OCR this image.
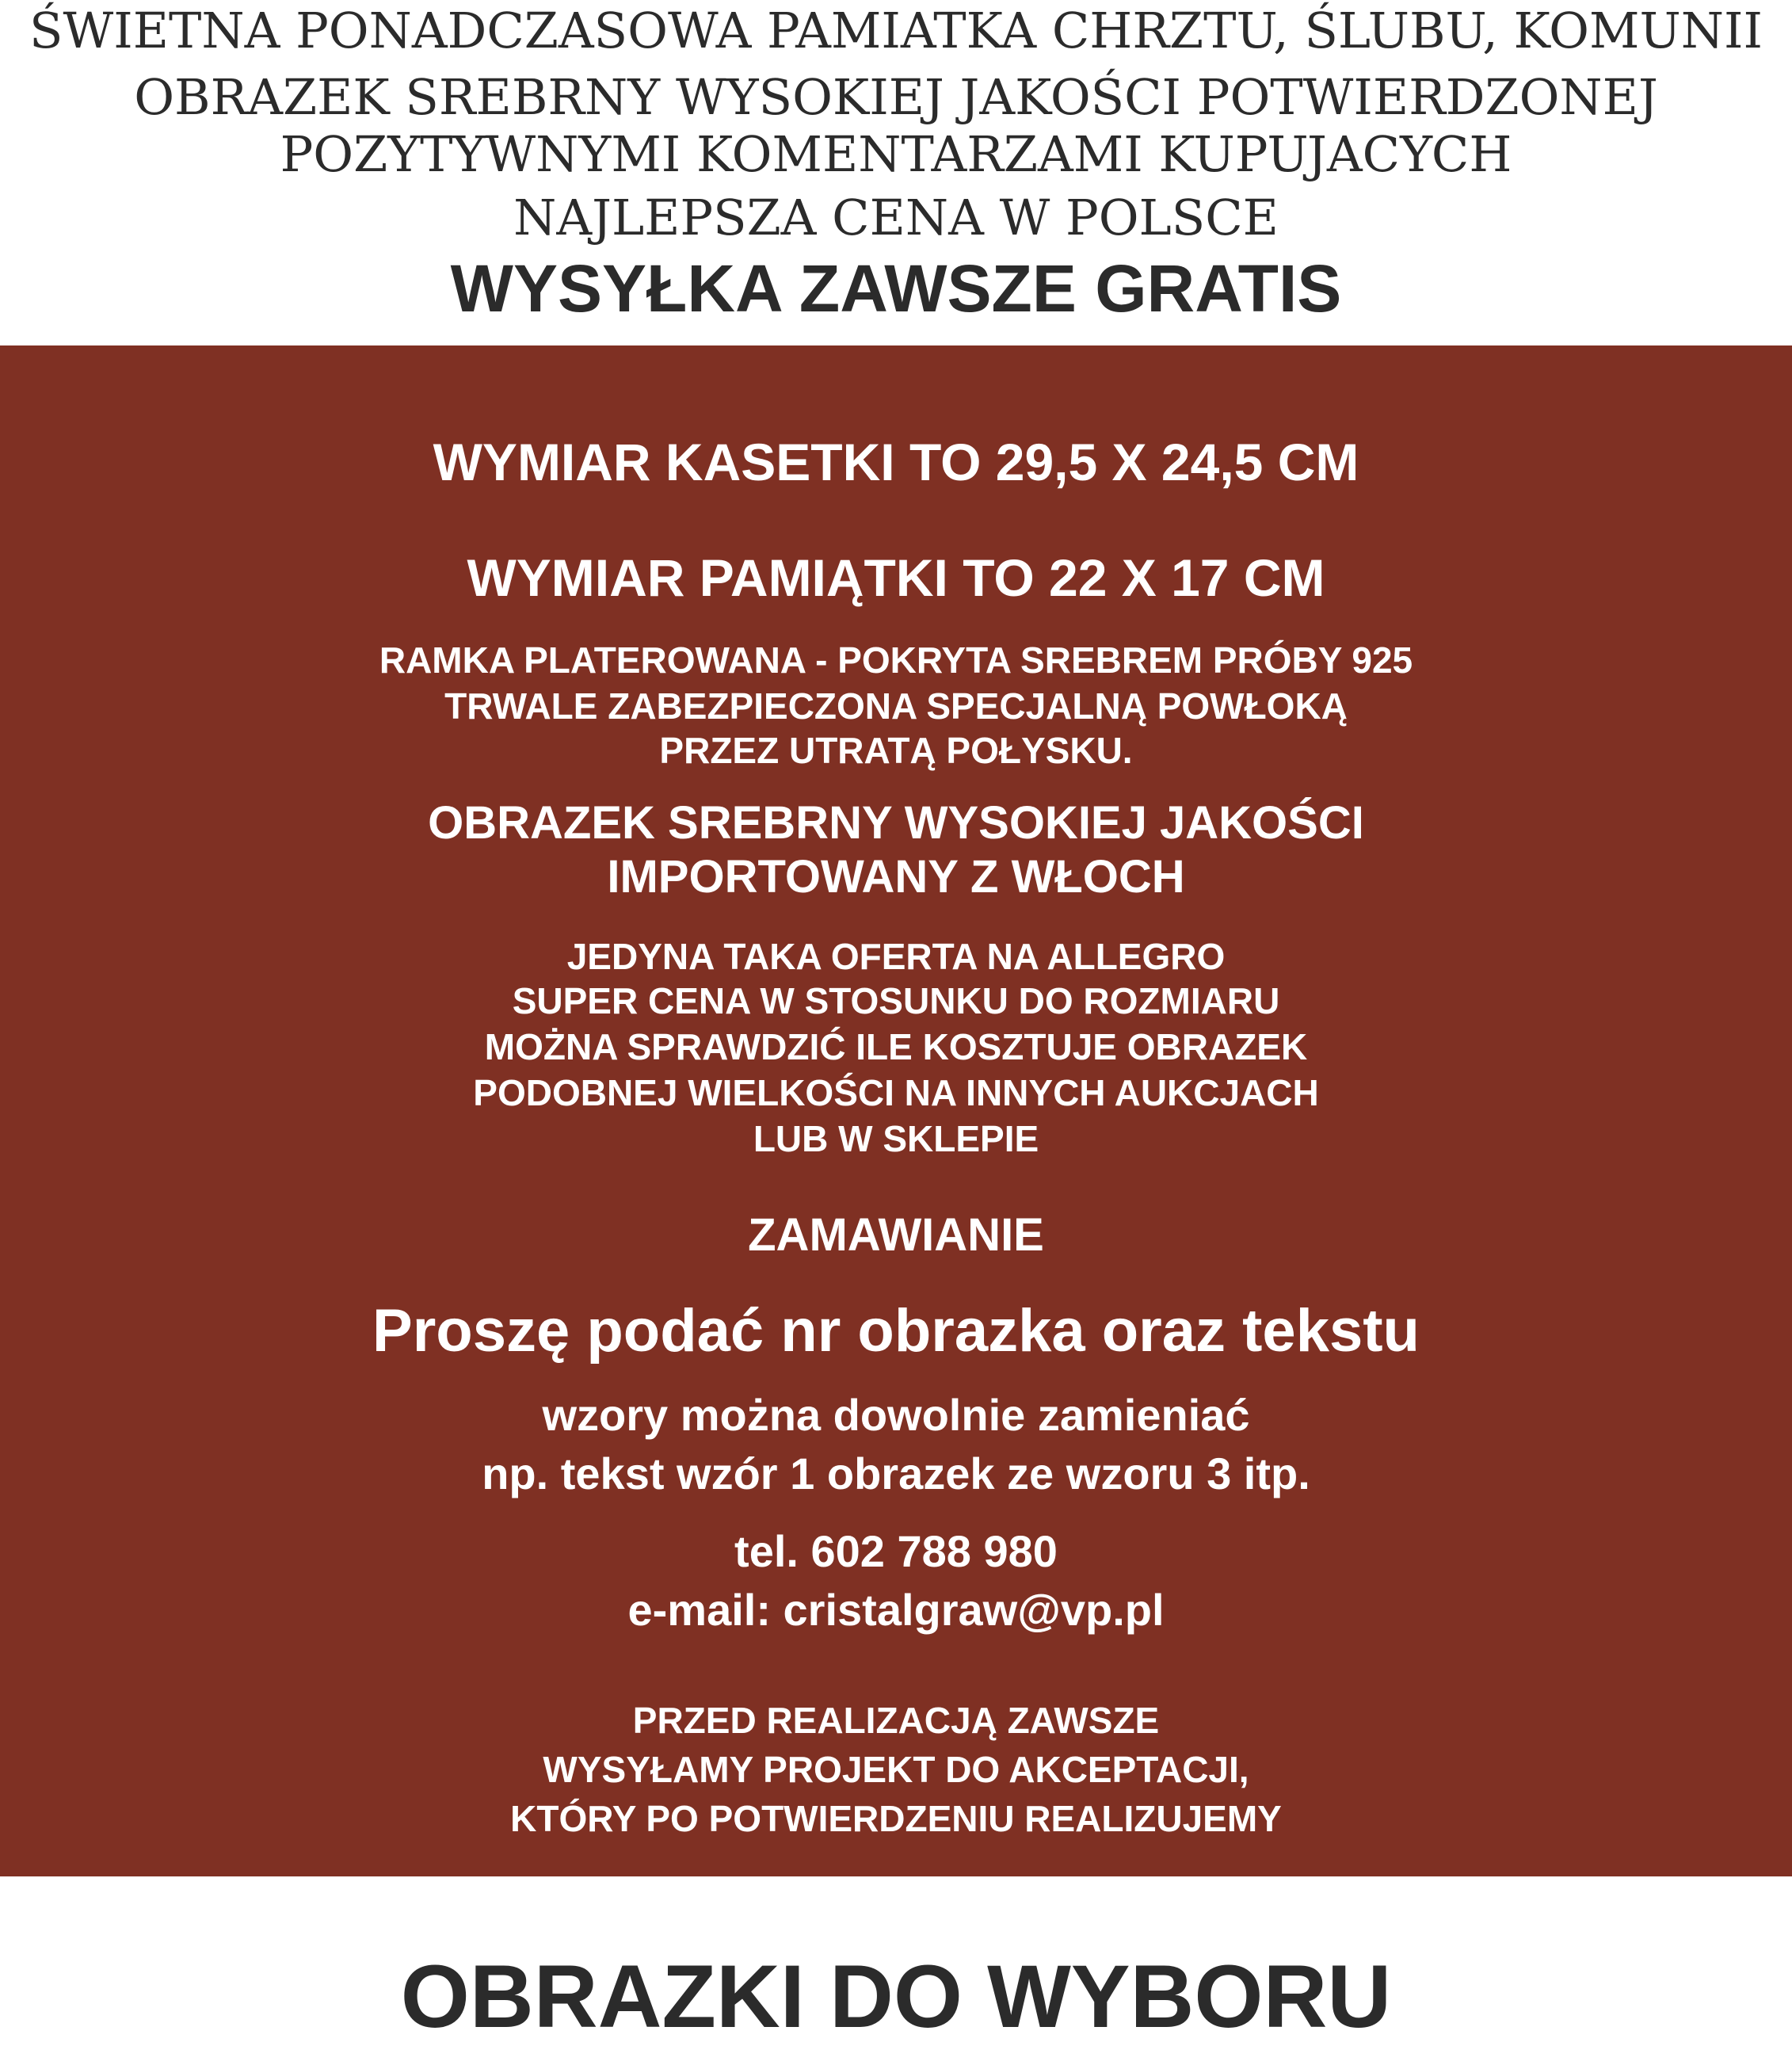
ŚWIETNA PONADCZASOWA PAMIATKA CHRZTU, ŚLUBU, KOMUNII
OBRAZEK SREBRNY WYSOKIEJ JAKOŚCI POTWIERDZONEJ
POZYTYWNYMI KOMENTARZAMI KUPUJACYCH
NAJLEPSZA CENA W POLSCE
WYSYŁKA ZAWSZE GRATIS
WYMIAR KASETKI TO 29,5 X 24,5 CM
WYMIAR PAMIĄTKI TO 22 X 17 CM
RAMKA PLATEROWANA - POKRYTA SREBREM PRÓBY 925
TRWALE ZABEZPIECZONA SPECJALNĄ POWŁOKĄ
PRZEZ UTRATĄ POŁYSKU.
OBRAZEK SREBRNY WYSOKIEJ JAKOŚCI
IMPORTOWANY Z WŁOCH
JEDYNA TAKA OFERTA NA ALLEGRO
SUPER CENA W STOSUNKU DO ROZMIARU
MOŻNA SPRAWDZIĆ ILE KOSZTUJE OBRAZEK
PODOBNEJ WIELKOŚCI NA INNYCH AUKCJACH
LUB W SKLEPIE
ZAMAWIANIE
Proszę podać nr obrazka oraz tekstu
wzory można dowolnie zamieniać
np. tekst wzór 1 obrazek ze wzoru 3 itp.
tel. 602 788 980
e-mail: cristalgraw@vp.pl
PRZED REALIZACJĄ ZAWSZE
WYSYŁAMY PROJEKT DO AKCEPTACJI,
KTÓRY PO POTWIERDZENIU REALIZUJEMY
OBRAZKI DO WYBORU
